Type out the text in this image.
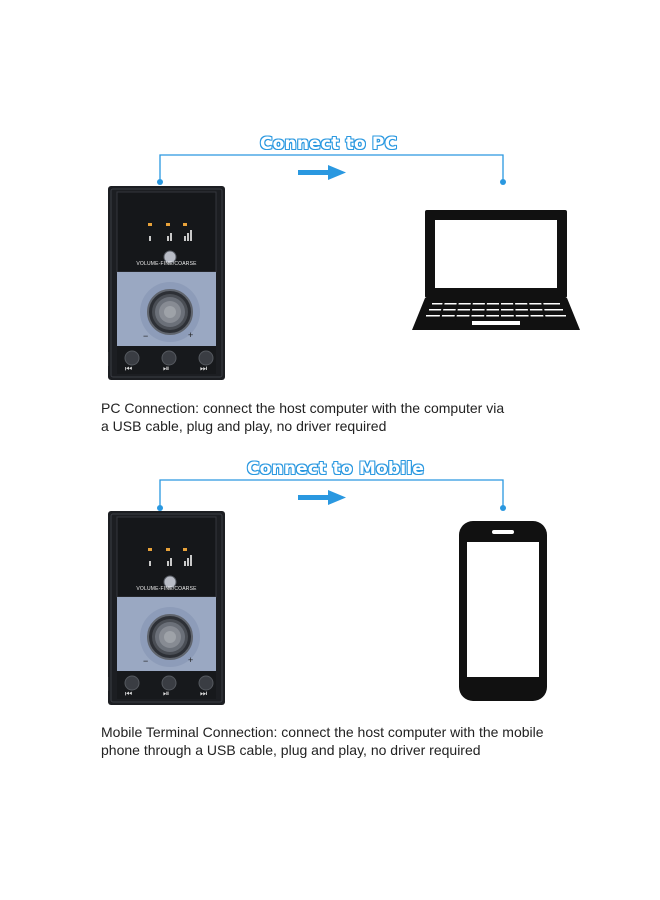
Connect to PC
VOLUME-FINE/COARSE
−	+
⏮	⏯	⏭
PC Connection: connect the host computer with the computer via
a USB cable, plug and play, no driver required
Connect to Mobile
VOLUME-FINE/COARSE
−	+
⏮	⏯	⏭
Mobile Terminal Connection: connect the host computer with the mobile
phone through a USB cable, plug and play, no driver required
